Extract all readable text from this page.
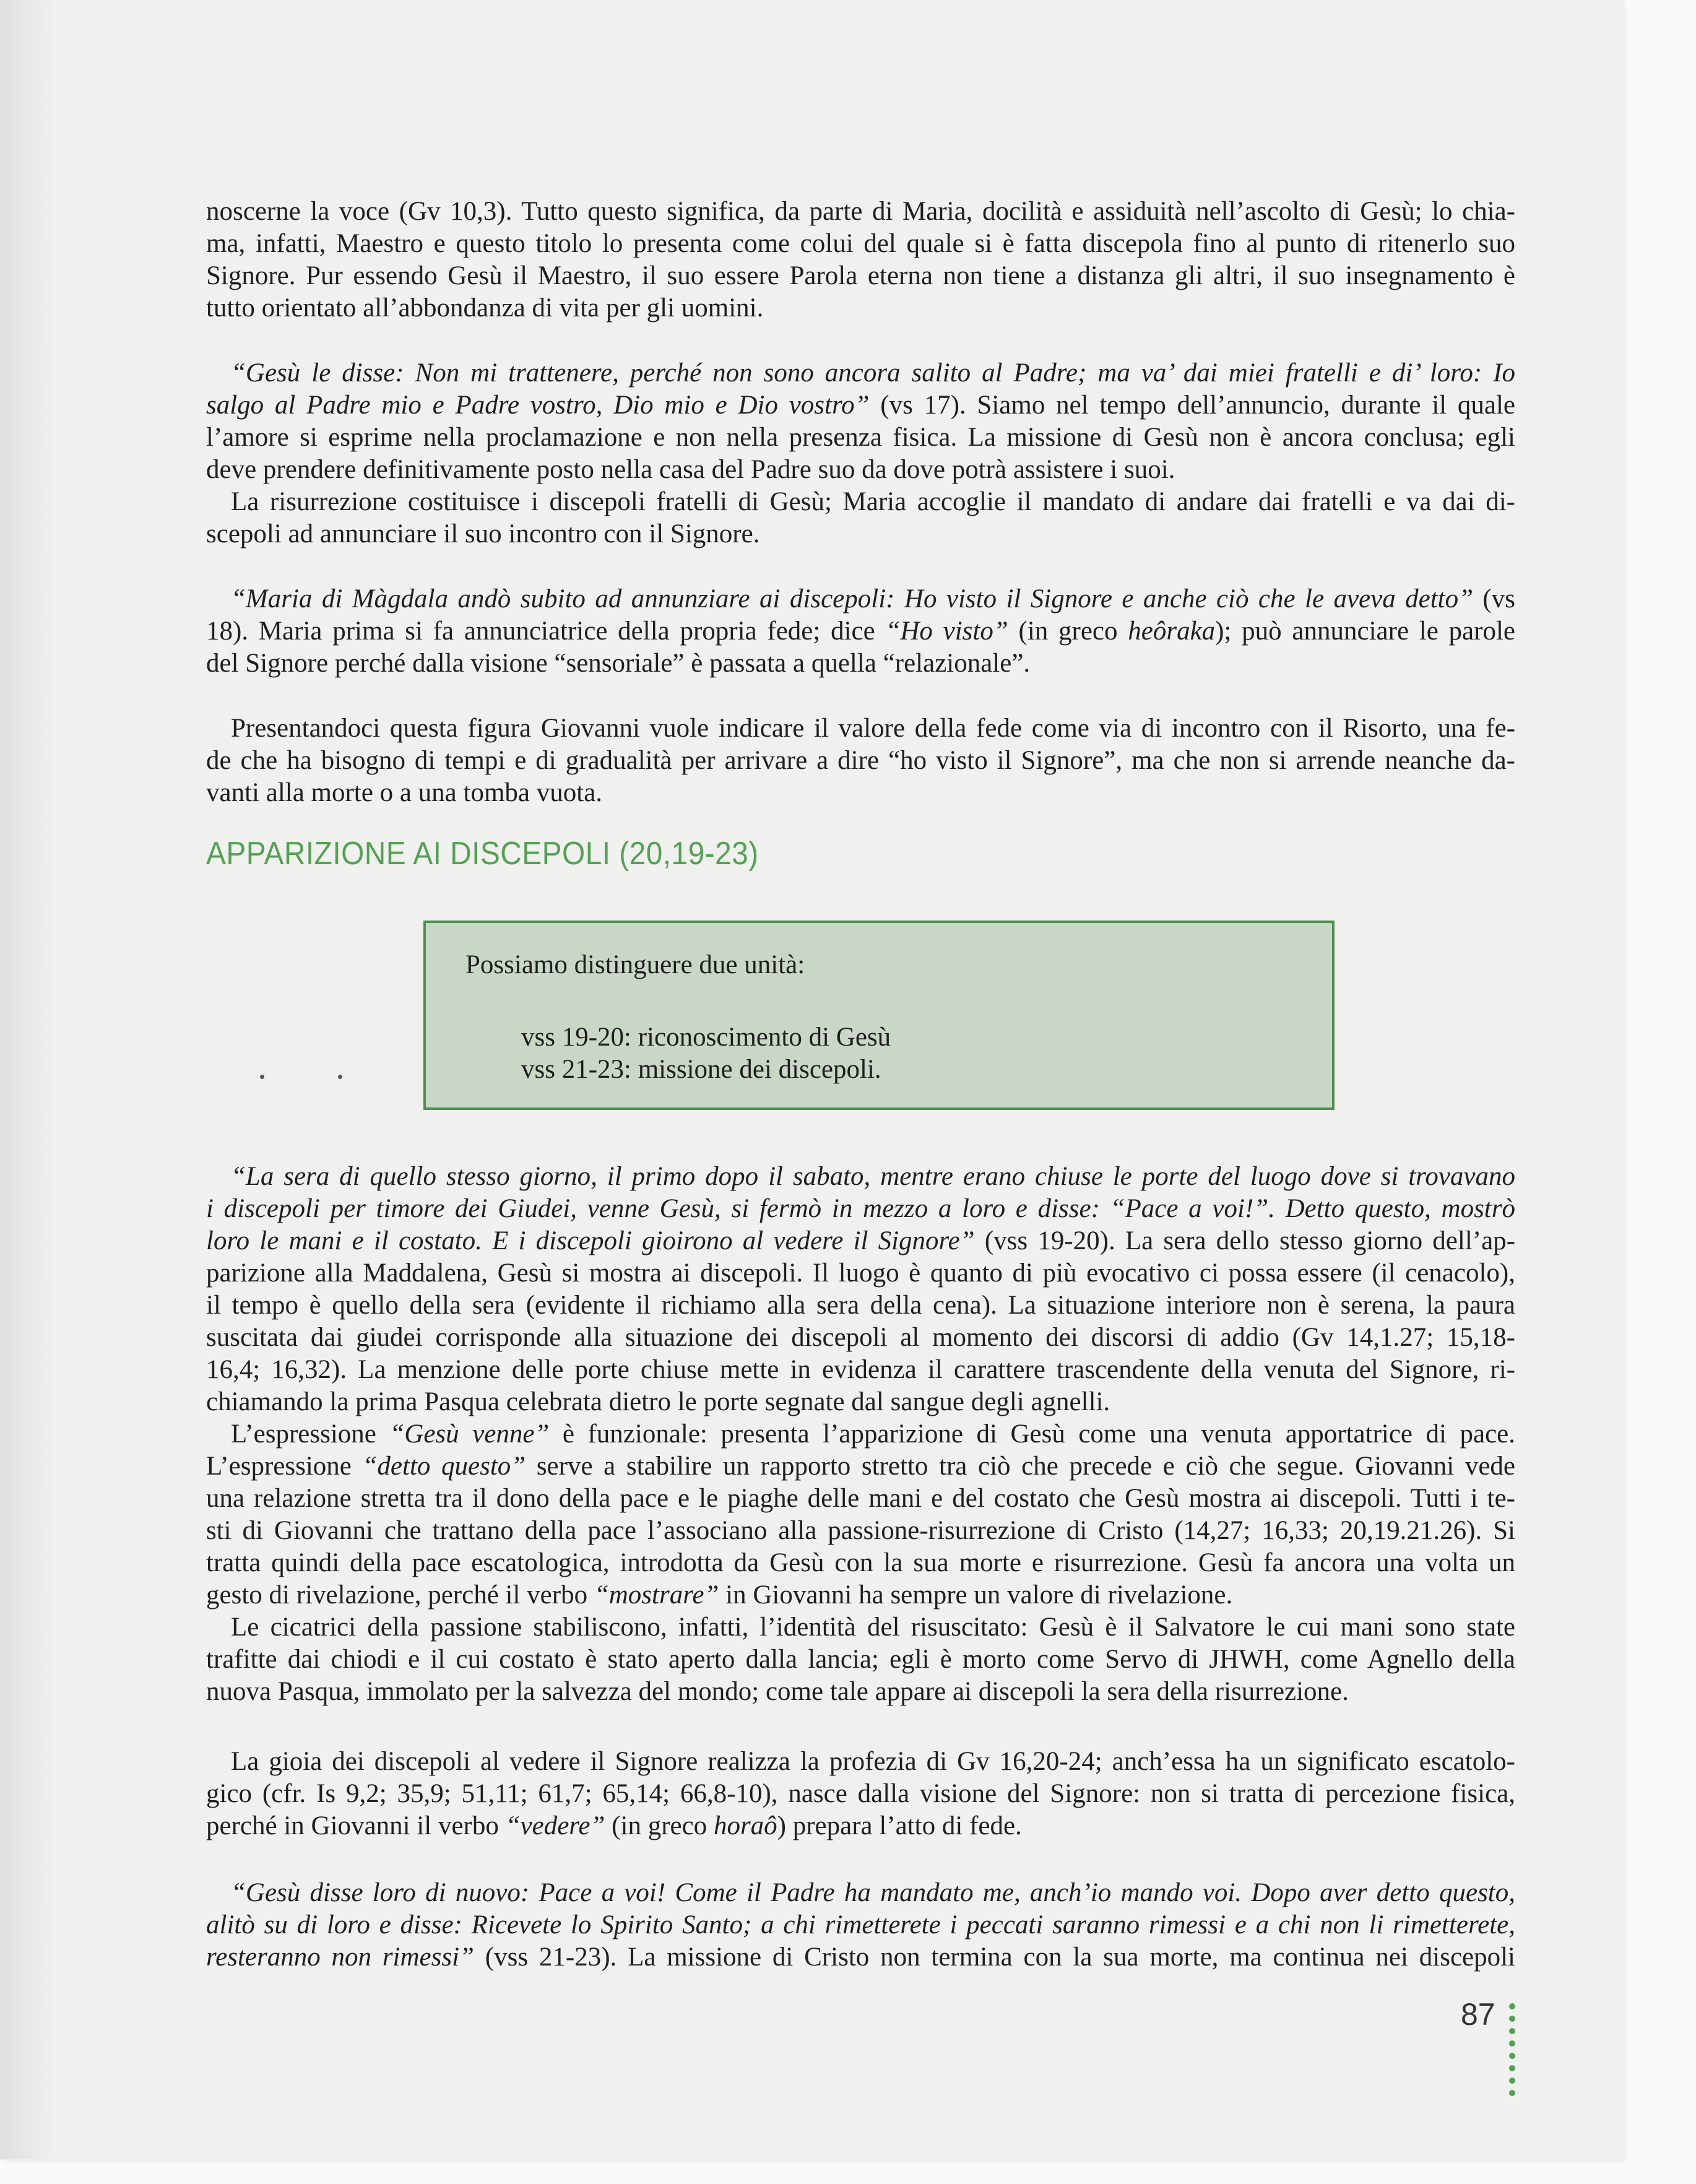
noscerne la voce (Gv 10,3). Tutto questo significa, da parte di Maria, docilità e assiduità nell’ascolto di Gesù; lo chia-
ma, infatti, Maestro e questo titolo lo presenta come colui del quale si è fatta discepola fino al punto di ritenerlo suo
Signore. Pur essendo Gesù il Maestro, il suo essere Parola eterna non tiene a distanza gli altri, il suo insegnamento è
tutto orientato all’abbondanza di vita per gli uomini.
“Gesù le disse: Non mi trattenere, perché non sono ancora salito al Padre; ma va’ dai miei fratelli e di’ loro: Io
salgo al Padre mio e Padre vostro, Dio mio e Dio vostro” (vs 17). Siamo nel tempo dell’annuncio, durante il quale
l’amore si esprime nella proclamazione e non nella presenza fisica. La missione di Gesù non è ancora conclusa; egli
deve prendere definitivamente posto nella casa del Padre suo da dove potrà assistere i suoi.
La risurrezione costituisce i discepoli fratelli di Gesù; Maria accoglie il mandato di andare dai fratelli e va dai di-
scepoli ad annunciare il suo incontro con il Signore.
“Maria di Màgdala andò subito ad annunziare ai discepoli: Ho visto il Signore e anche ciò che le aveva detto” (vs
18). Maria prima si fa annunciatrice della propria fede; dice “Ho visto” (in greco heôraka); può annunciare le parole
del Signore perché dalla visione “sensoriale” è passata a quella “relazionale”.
Presentandoci questa figura Giovanni vuole indicare il valore della fede come via di incontro con il Risorto, una fe-
de che ha bisogno di tempi e di gradualità per arrivare a dire “ho visto il Signore”, ma che non si arrende neanche da-
vanti alla morte o a una tomba vuota.
APPARIZIONE AI DISCEPOLI (20,19-23)
Possiamo distinguere due unità:
vss 19-20: riconoscimento di Gesù
vss 21-23: missione dei discepoli.
“La sera di quello stesso giorno, il primo dopo il sabato, mentre erano chiuse le porte del luogo dove si trovavano
i discepoli per timore dei Giudei, venne Gesù, si fermò in mezzo a loro e disse: “Pace a voi!”. Detto questo, mostrò
loro le mani e il costato. E i discepoli gioirono al vedere il Signore” (vss 19-20). La sera dello stesso giorno dell’ap-
parizione alla Maddalena, Gesù si mostra ai discepoli. Il luogo è quanto di più evocativo ci possa essere (il cenacolo),
il tempo è quello della sera (evidente il richiamo alla sera della cena). La situazione interiore non è serena, la paura
suscitata dai giudei corrisponde alla situazione dei discepoli al momento dei discorsi di addio (Gv 14,1.27; 15,18-
16,4; 16,32). La menzione delle porte chiuse mette in evidenza il carattere trascendente della venuta del Signore, ri-
chiamando la prima Pasqua celebrata dietro le porte segnate dal sangue degli agnelli.
L’espressione “Gesù venne” è funzionale: presenta l’apparizione di Gesù come una venuta apportatrice di pace.
L’espressione “detto questo” serve a stabilire un rapporto stretto tra ciò che precede e ciò che segue. Giovanni vede
una relazione stretta tra il dono della pace e le piaghe delle mani e del costato che Gesù mostra ai discepoli. Tutti i te-
sti di Giovanni che trattano della pace l’associano alla passione-risurrezione di Cristo (14,27; 16,33; 20,19.21.26). Si
tratta quindi della pace escatologica, introdotta da Gesù con la sua morte e risurrezione. Gesù fa ancora una volta un
gesto di rivelazione, perché il verbo “mostrare” in Giovanni ha sempre un valore di rivelazione.
Le cicatrici della passione stabiliscono, infatti, l’identità del risuscitato: Gesù è il Salvatore le cui mani sono state
trafitte dai chiodi e il cui costato è stato aperto dalla lancia; egli è morto come Servo di JHWH, come Agnello della
nuova Pasqua, immolato per la salvezza del mondo; come tale appare ai discepoli la sera della risurrezione.
La gioia dei discepoli al vedere il Signore realizza la profezia di Gv 16,20-24; anch’essa ha un significato escatolo-
gico (cfr. Is 9,2; 35,9; 51,11; 61,7; 65,14; 66,8-10), nasce dalla visione del Signore: non si tratta di percezione fisica,
perché in Giovanni il verbo “vedere” (in greco horaô) prepara l’atto di fede.
“Gesù disse loro di nuovo: Pace a voi! Come il Padre ha mandato me, anch’io mando voi. Dopo aver detto questo,
alitò su di loro e disse: Ricevete lo Spirito Santo; a chi rimetterete i peccati saranno rimessi e a chi non li rimetterete,
resteranno non rimessi” (vss 21-23). La missione di Cristo non termina con la sua morte, ma continua nei discepoli
87
